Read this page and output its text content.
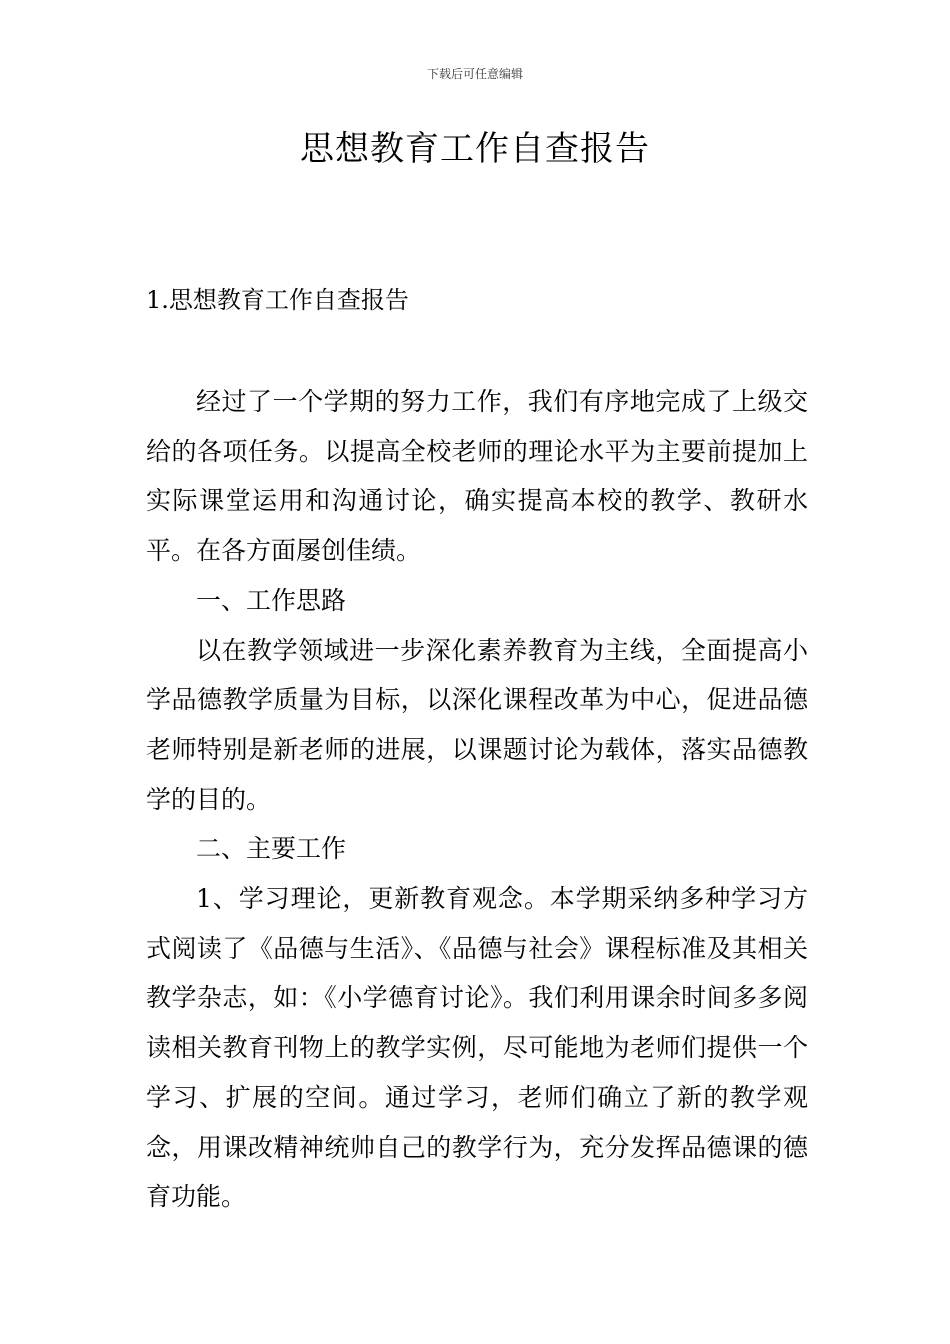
下载后可任意编辑
思想教育工作自查报告
1.思想教育工作自查报告

经过了一个学期的努力工作，我们有序地完成了上级交给的各项任务。以提高全校老师的理论水平为主要前提加上实际课堂运用和沟通讨论，确实提高本校的教学、教研水平。在各方面屡创佳绩。

一、工作思路

以在教学领域进一步深化素养教育为主线，全面提高小学品德教学质量为目标，以深化课程改革为中心，促进品德老师特别是新老师的进展，以课题讨论为载体，落实品德教学的目的。

二、主要工作

1、学习理论，更新教育观念。本学期采纳多种学习方式阅读了《品德与生活》、《品德与社会》课程标准及其相关教学杂志，如：《小学德育讨论》。我们利用课余时间多多阅读相关教育刊物上的教学实例，尽可能地为老师们提供一个学习、扩展的空间。通过学习，老师们确立了新的教学观念，用课改精神统帅自己的教学行为，充分发挥品德课的德育功能。
